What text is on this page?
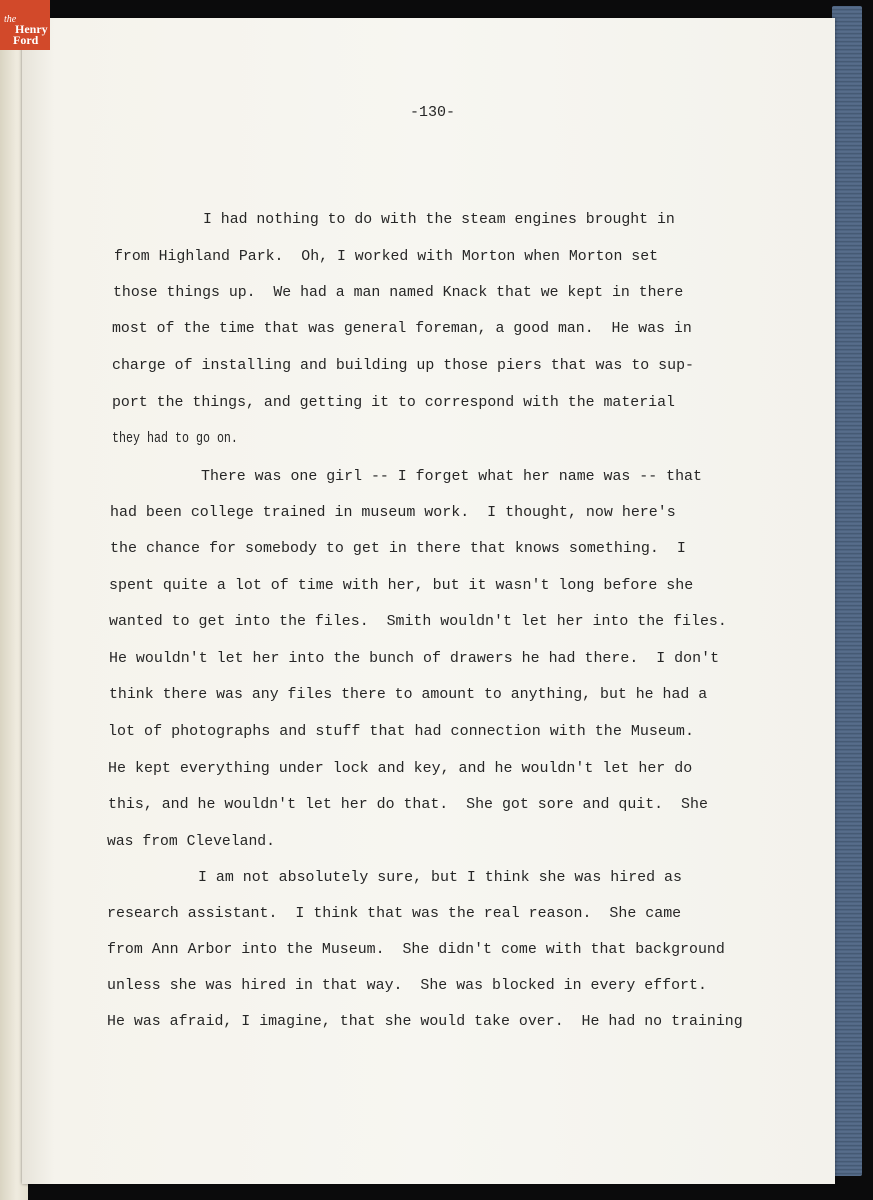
the
Henry
Ford
-130-
I had nothing to do with the steam engines brought in
from Highland Park.  Oh, I worked with Morton when Morton set
those things up.  We had a man named Knack that we kept in there
most of the time that was general foreman, a good man.  He was in
charge of installing and building up those piers that was to sup-
port the things, and getting it to correspond with the material
they had to go on.
There was one girl -- I forget what her name was -- that
had been college trained in museum work.  I thought, now here's
the chance for somebody to get in there that knows something.  I
spent quite a lot of time with her, but it wasn't long before she
wanted to get into the files.  Smith wouldn't let her into the files.
He wouldn't let her into the bunch of drawers he had there.  I don't
think there was any files there to amount to anything, but he had a
lot of photographs and stuff that had connection with the Museum.
He kept everything under lock and key, and he wouldn't let her do
this, and he wouldn't let her do that.  She got sore and quit.  She
was from Cleveland.
I am not absolutely sure, but I think she was hired as
research assistant.  I think that was the real reason.  She came
from Ann Arbor into the Museum.  She didn't come with that background
unless she was hired in that way.  She was blocked in every effort.
He was afraid, I imagine, that she would take over.  He had no training
